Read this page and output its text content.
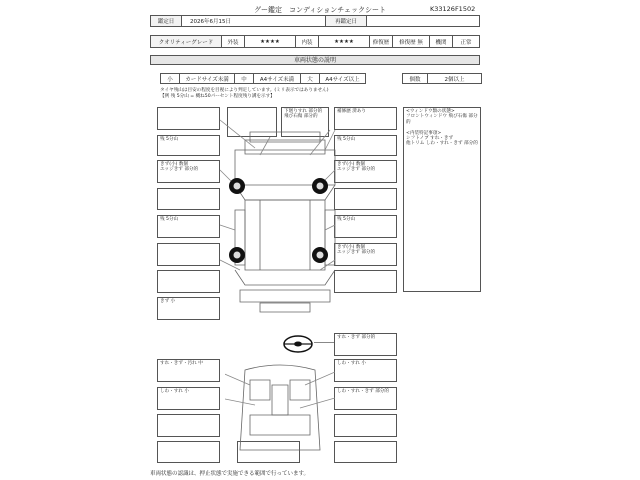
グー鑑定　コンディションチェックシート	K33126F1502
鑑定日	2026年6月15日	再鑑定日
クオリティーグレード	外装	★★★★	内装	★★★★	修復歴	修復歴 無	機関	正常
車両状態の説明
小	カードサイズ未満	中	A4サイズ未満	大	A4サイズ以上	個数	2個以上
タイヤ残山は目安の程度を目視により判定しています。(ミリ表示ではありません)
【例 残 5分山 = 概ね50パーセント程度残り溝を示す】
下廻りすれ 部分的
飛び石傷 部分的
補修歴 済あり
残 5分山	残 5分山
きず(小) 数個
エッジきず 部分的
きず(小) 数個
エッジきず 部分的
残 5分山	残 5分山
きず(小) 数個
エッジきず 部分的
きず 小
<ウィンドウ類の状態>
フロントウィンドウ 飛び石傷 部分的

<内装特記事項>
シフトノブ すれ・きず
他トリム しわ・すれ・きず 部分的
すれ・きず 部分的
すれ・きず・汚れ 中	しわ・すれ 小
しわ・すれ 小	しわ・すれ・きず 部分的
車両状態の認識は、押止状態で実施できる範囲で行っています。
